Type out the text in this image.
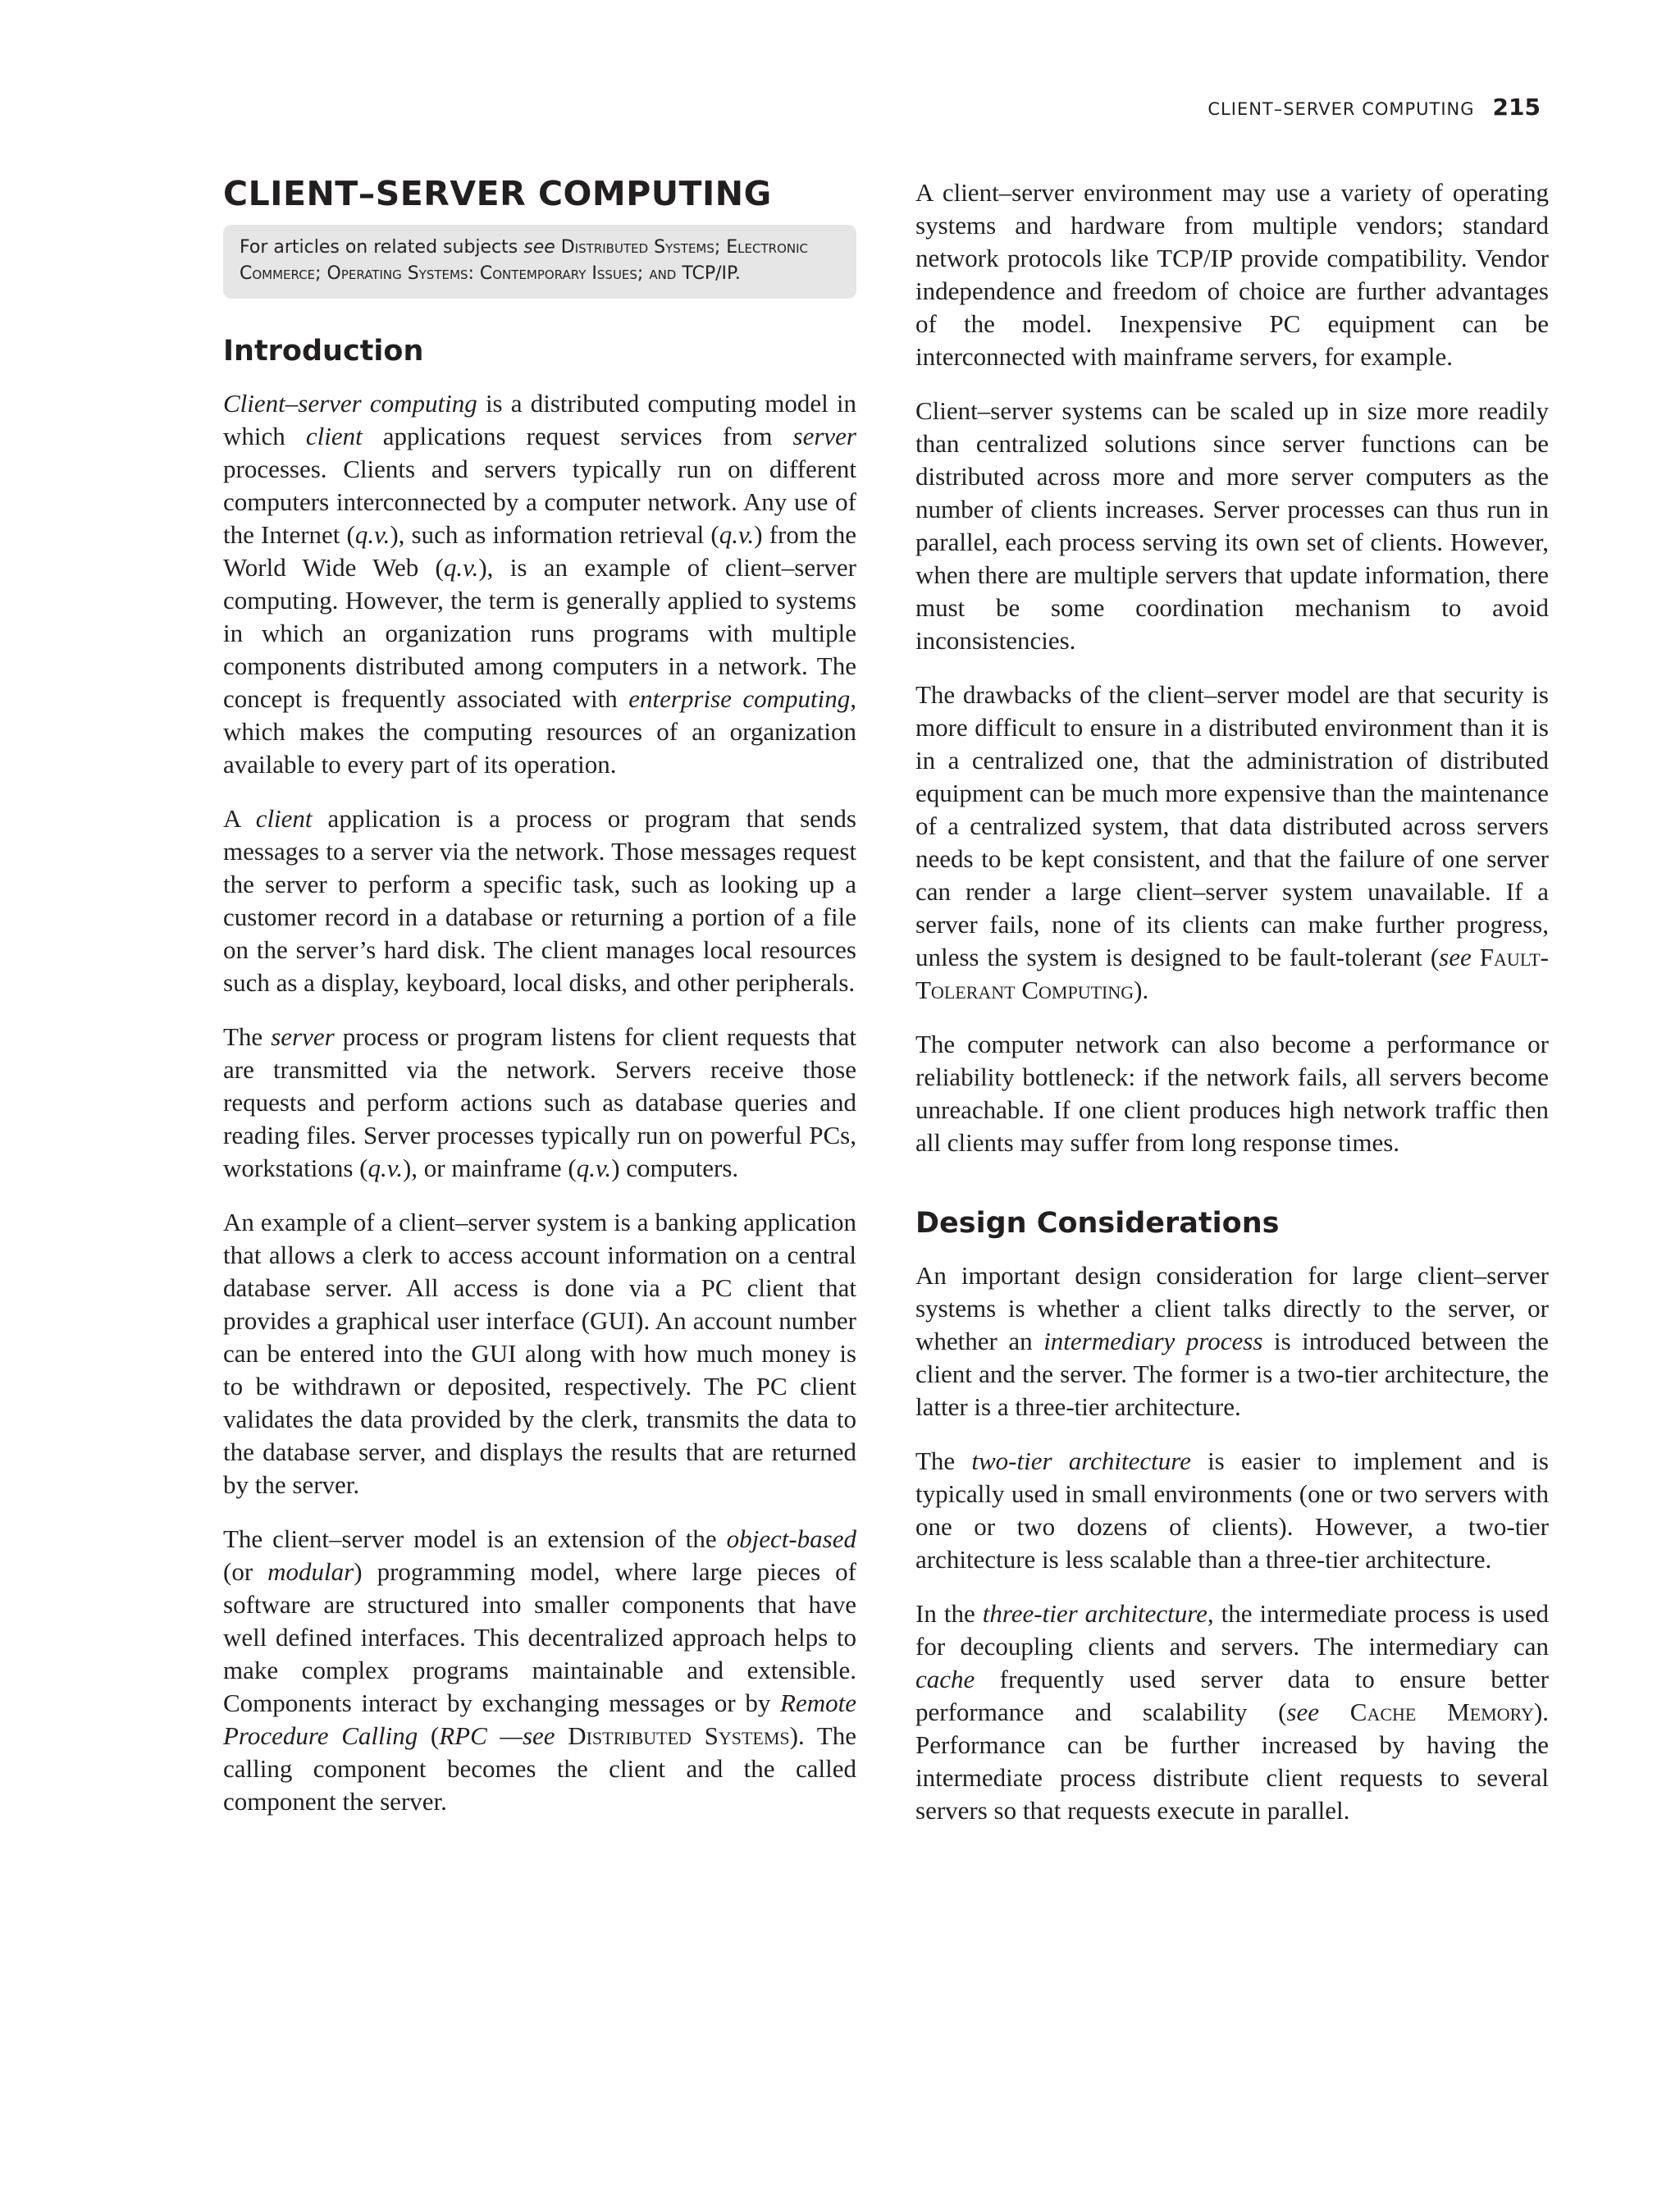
CLIENT–SERVER COMPUTING 215
CLIENT–SERVER COMPUTING
For articles on related subjects see Distributed Systems; Electronic Commerce; Operating Systems: Contemporary Issues; and TCP/IP.
Introduction

Client–server computing is a distributed computing model in which client applications request services from server processes. Clients and servers typically run on different computers interconnected by a computer network. Any use of the Internet (q.v.), such as information retrieval (q.v.) from the World Wide Web (q.v.), is an example of client–server computing. However, the term is generally applied to systems in which an organization runs programs with multiple components distributed among computers in a network. The concept is frequently associated with enterprise computing, which makes the computing resources of an organization available to every part of its operation.

A client application is a process or program that sends messages to a server via the network. Those messages request the server to perform a specific task, such as looking up a customer record in a database or returning a portion of a file on the server’s hard disk. The client manages local resources such as a display, keyboard, local disks, and other peripherals.

The server process or program listens for client requests that are transmitted via the network. Servers receive those requests and perform actions such as database queries and reading files. Server processes typically run on powerful PCs, workstations (q.v.), or mainframe (q.v.) computers.

An example of a client–server system is a banking application that allows a clerk to access account information on a central database server. All access is done via a PC client that provides a graphical user interface (GUI). An account number can be entered into the GUI along with how much money is to be withdrawn or deposited, respectively. The PC client validates the data provided by the clerk, transmits the data to the database server, and displays the results that are returned by the server.

The client–server model is an extension of the object-based (or modular) programming model, where large pieces of software are structured into smaller components that have well defined interfaces. This decentralized approach helps to make complex programs maintainable and extensible. Components interact by exchanging messages or by Remote Procedure Calling (RPC —see Distributed Systems). The calling component becomes the client and the called component the server.

A client–server environment may use a variety of operating systems and hardware from multiple vendors; standard network protocols like TCP/IP provide compatibility. Vendor independence and freedom of choice are further advantages of the model. Inexpensive PC equipment can be interconnected with mainframe servers, for example.

Client–server systems can be scaled up in size more readily than centralized solutions since server functions can be distributed across more and more server computers as the number of clients increases. Server processes can thus run in parallel, each process serving its own set of clients. However, when there are multiple servers that update information, there must be some coordination mechanism to avoid inconsistencies.

The drawbacks of the client–server model are that security is more difficult to ensure in a distributed environment than it is in a centralized one, that the administration of distributed equipment can be much more expensive than the maintenance of a centralized system, that data distributed across servers needs to be kept consistent, and that the failure of one server can render a large client–server system unavailable. If a server fails, none of its clients can make further progress, unless the system is designed to be fault-tolerant (see Fault-Tolerant Computing).

The computer network can also become a performance or reliability bottleneck: if the network fails, all servers become unreachable. If one client produces high network traffic then all clients may suffer from long response times.

Design Considerations

An important design consideration for large client–server systems is whether a client talks directly to the server, or whether an intermediary process is introduced between the client and the server. The former is a two-tier architecture, the latter is a three-tier architecture.

The two-tier architecture is easier to implement and is typically used in small environments (one or two servers with one or two dozens of clients). However, a two-tier architecture is less scalable than a three-tier architecture.

In the three-tier architecture, the intermediate process is used for decoupling clients and servers. The intermediary can cache frequently used server data to ensure better performance and scalability (see Cache Memory). Performance can be further increased by having the intermediate process distribute client requests to several servers so that requests execute in parallel.
